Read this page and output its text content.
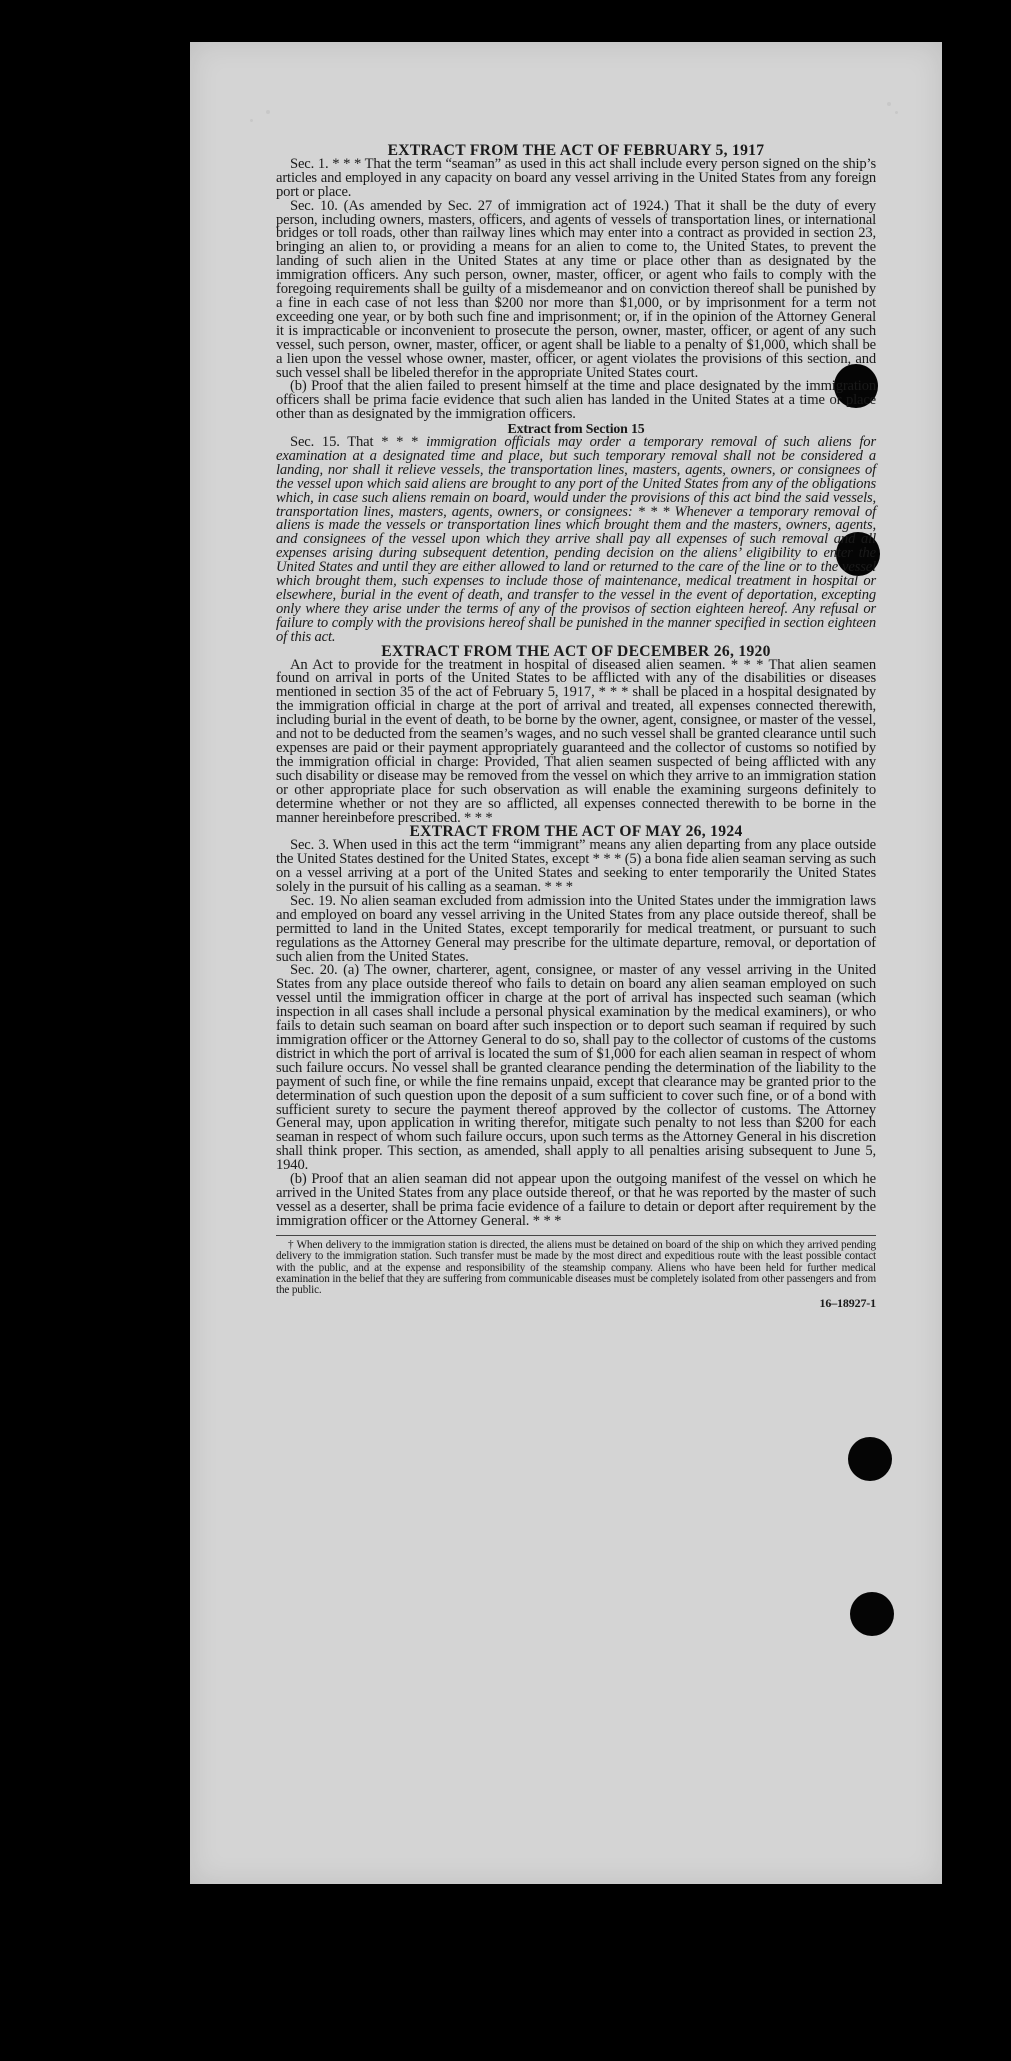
EXTRACT FROM THE ACT OF FEBRUARY 5, 1917

Sec. 1. * * * That the term “seaman” as used in this act shall include every person signed on the ship’s articles and employed in any capacity on board any vessel arriving in the United States from any foreign port or place.

Sec. 10. (As amended by Sec. 27 of immigration act of 1924.) That it shall be the duty of every person, including owners, masters, officers, and agents of vessels of transportation lines, or international bridges or toll roads, other than railway lines which may enter into a contract as provided in section 23, bringing an alien to, or providing a means for an alien to come to, the United States, to prevent the landing of such alien in the United States at any time or place other than as designated by the immigration officers. Any such person, owner, master, officer, or agent who fails to comply with the foregoing requirements shall be guilty of a misdemeanor and on conviction thereof shall be punished by a fine in each case of not less than $200 nor more than $1,000, or by imprisonment for a term not exceeding one year, or by both such fine and imprisonment; or, if in the opinion of the Attorney General it is impracticable or inconvenient to prosecute the person, owner, master, officer, or agent of any such vessel, such person, owner, master, officer, or agent shall be liable to a penalty of $1,000, which shall be a lien upon the vessel whose owner, master, officer, or agent violates the provisions of this section, and such vessel shall be libeled therefor in the appropriate United States court.

(b) Proof that the alien failed to present himself at the time and place designated by the immigration officers shall be prima facie evidence that such alien has landed in the United States at a time or place other than as designated by the immigration officers.

Extract from Section 15

Sec. 15. That * * * immigration officials may order a temporary removal of such aliens for examination at a designated time and place, but such temporary removal shall not be considered a landing, nor shall it relieve vessels, the transportation lines, masters, agents, owners, or consignees of the vessel upon which said aliens are brought to any port of the United States from any of the obligations which, in case such aliens remain on board, would under the provisions of this act bind the said vessels, transportation lines, masters, agents, owners, or consignees: * * * Whenever a temporary removal of aliens is made the vessels or transportation lines which brought them and the masters, owners, agents, and consignees of the vessel upon which they arrive shall pay all expenses of such removal and all expenses arising during subsequent detention, pending decision on the aliens’ eligibility to enter the United States and until they are either allowed to land or returned to the care of the line or to the vessel which brought them, such expenses to include those of maintenance, medical treatment in hospital or elsewhere, burial in the event of death, and transfer to the vessel in the event of deportation, excepting only where they arise under the terms of any of the provisos of section eighteen hereof. Any refusal or failure to comply with the provisions hereof shall be punished in the manner specified in section eighteen of this act.

EXTRACT FROM THE ACT OF DECEMBER 26, 1920

An Act to provide for the treatment in hospital of diseased alien seamen. * * * That alien seamen found on arrival in ports of the United States to be afflicted with any of the disabilities or diseases mentioned in section 35 of the act of February 5, 1917, * * * shall be placed in a hospital designated by the immigration official in charge at the port of arrival and treated, all expenses connected therewith, including burial in the event of death, to be borne by the owner, agent, consignee, or master of the vessel, and not to be deducted from the seamen’s wages, and no such vessel shall be granted clearance until such expenses are paid or their payment appropriately guaranteed and the collector of customs so notified by the immigration official in charge: Provided, That alien seamen suspected of being afflicted with any such disability or disease may be removed from the vessel on which they arrive to an immigration station or other appropriate place for such observation as will enable the examining surgeons definitely to determine whether or not they are so afflicted, all expenses connected therewith to be borne in the manner hereinbefore prescribed. * * *

EXTRACT FROM THE ACT OF MAY 26, 1924

Sec. 3. When used in this act the term “immigrant” means any alien departing from any place outside the United States destined for the United States, except * * * (5) a bona fide alien seaman serving as such on a vessel arriving at a port of the United States and seeking to enter temporarily the United States solely in the pursuit of his calling as a seaman. * * *

Sec. 19. No alien seaman excluded from admission into the United States under the immigration laws and employed on board any vessel arriving in the United States from any place outside thereof, shall be permitted to land in the United States, except temporarily for medical treatment, or pursuant to such regulations as the Attorney General may prescribe for the ultimate departure, removal, or deportation of such alien from the United States.

Sec. 20. (a) The owner, charterer, agent, consignee, or master of any vessel arriving in the United States from any place outside thereof who fails to detain on board any alien seaman employed on such vessel until the immigration officer in charge at the port of arrival has inspected such seaman (which inspection in all cases shall include a personal physical examination by the medical examiners), or who fails to detain such seaman on board after such inspection or to deport such seaman if required by such immigration officer or the Attorney General to do so, shall pay to the collector of customs of the customs district in which the port of arrival is located the sum of $1,000 for each alien seaman in respect of whom such failure occurs. No vessel shall be granted clearance pending the determination of the liability to the payment of such fine, or while the fine remains unpaid, except that clearance may be granted prior to the determination of such question upon the deposit of a sum sufficient to cover such fine, or of a bond with sufficient surety to secure the payment thereof approved by the collector of customs. The Attorney General may, upon application in writing therefor, mitigate such penalty to not less than $200 for each seaman in respect of whom such failure occurs, upon such terms as the Attorney General in his discretion shall think proper. This section, as amended, shall apply to all penalties arising subsequent to June 5, 1940.

(b) Proof that an alien seaman did not appear upon the outgoing manifest of the vessel on which he arrived in the United States from any place outside thereof, or that he was reported by the master of such vessel as a deserter, shall be prima facie evidence of a failure to detain or deport after requirement by the immigration officer or the Attorney General. * * *

† When delivery to the immigration station is directed, the aliens must be detained on board of the ship on which they arrived pending delivery to the immigration station. Such transfer must be made by the most direct and expeditious route with the least possible contact with the public, and at the expense and responsibility of the steamship company. Aliens who have been held for further medical examination in the belief that they are suffering from communicable diseases must be completely isolated from other passengers and from the public.

16–18927-1
